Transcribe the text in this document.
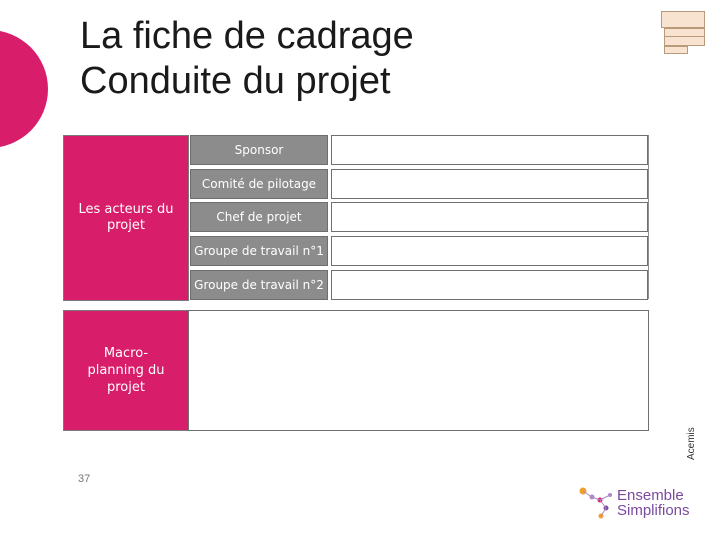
La fiche de cadrage
Conduite du projet
Les acteurs du
projet
Sponsor
Comité de pilotage
Chef de projet
Groupe de travail n°1
Groupe de travail n°2
Macro-
planning du
projet
37
Acemis
Ensemble
Simplifions
